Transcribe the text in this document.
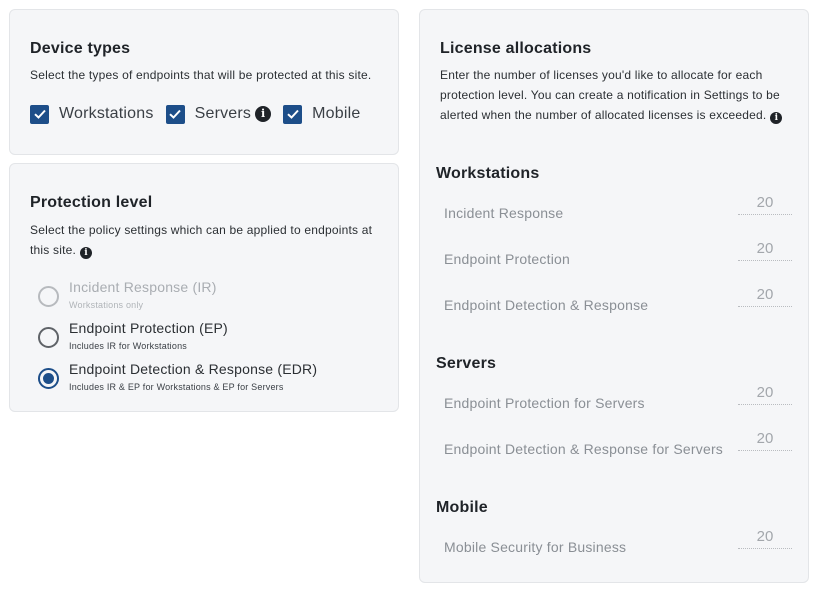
Device types
Select the types of endpoints that will be protected at this site.
Workstations	Servers i	Mobile
Protection level
Select the policy settings which can be applied to endpoints at
this site. i
Incident Response (IR)
Workstations only
Endpoint Protection (EP)
Includes IR for Workstations
Endpoint Detection & Response (EDR)
Includes IR & EP for Workstations & EP for Servers
License allocations
Enter the number of licenses you'd like to allocate for each
protection level. You can create a notification in Settings to be
alerted when the number of allocated licenses is exceeded. i
Workstations
Incident Response
20
Endpoint Protection
20
Endpoint Detection & Response
20
Servers
Endpoint Protection for Servers
20
Endpoint Detection & Response for Servers
20
Mobile
Mobile Security for Business
20
